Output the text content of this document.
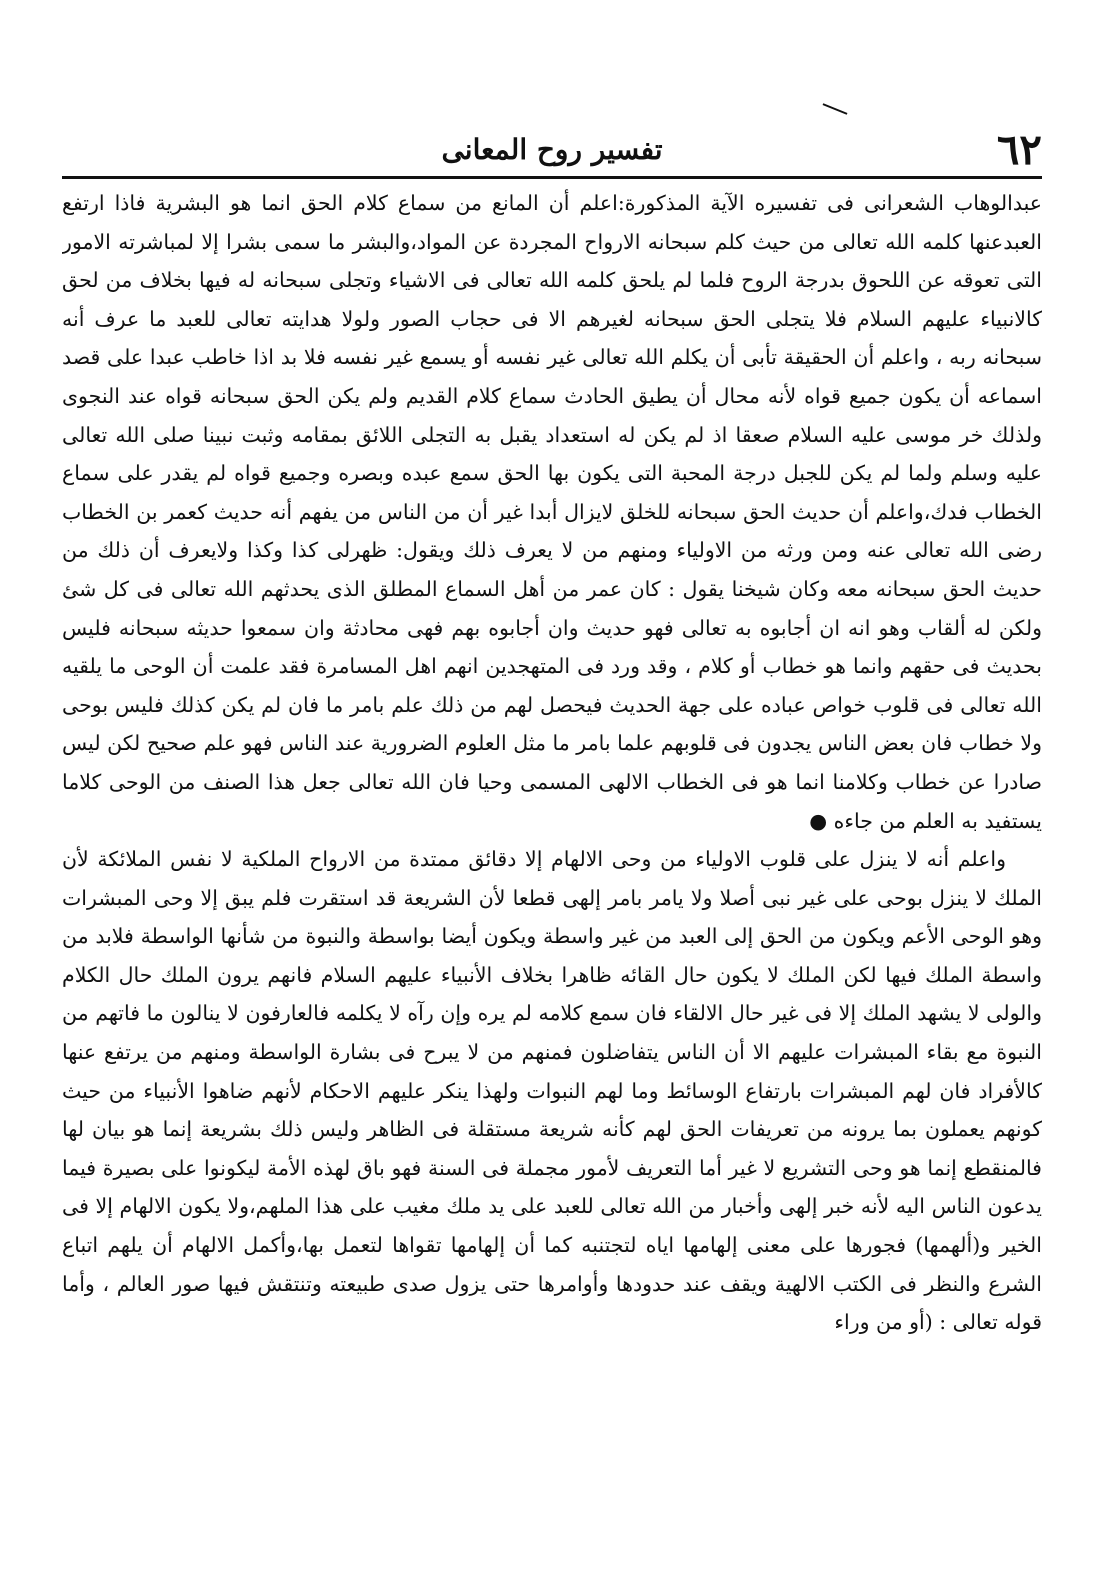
٦٢
تفسير روح المعانى

عبدالوهاب الشعرانى فى تفسيره الآية المذكورة:اعلم أن المانع من سماع كلام الحق انما هو البشرية فاذا ارتفع العبدعنها كلمه الله تعالى من حيث كلم سبحانه الارواح المجردة عن المواد،والبشر ما سمى بشرا إلا لمباشرته الامور التى تعوقه عن اللحوق بدرجة الروح فلما لم يلحق كلمه الله تعالى فى الاشياء وتجلى سبحانه له فيها بخلاف من لحق كالانبياء عليهم السلام فلا يتجلى الحق سبحانه لغيرهم الا فى حجاب الصور ولولا هدايته تعالى للعبد ما عرف أنه سبحانه ربه ، واعلم أن الحقيقة تأبى أن يكلم الله تعالى غير نفسه أو يسمع غير نفسه فلا بد اذا خاطب عبدا على قصد اسماعه أن يكون جميع قواه لأنه محال أن يطيق الحادث سماع كلام القديم ولم يكن الحق سبحانه قواه عند النجوى ولذلك خر موسى عليه السلام صعقا اذ لم يكن له استعداد يقبل به التجلى اللائق بمقامه وثبت نبينا صلى الله تعالى عليه وسلم ولما لم يكن للجبل درجة المحبة التى يكون بها الحق سمع عبده وبصره وجميع قواه لم يقدر على سماع الخطاب فدك،واعلم أن حديث الحق سبحانه للخلق لايزال أبدا غير أن من الناس من يفهم أنه حديث كعمر بن الخطاب رضى الله تعالى عنه ومن ورثه من الاولياء ومنهم من لا يعرف ذلك ويقول: ظهرلى كذا وكذا ولايعرف أن ذلك من حديث الحق سبحانه معه وكان شيخنا يقول : كان عمر من أهل السماع المطلق الذى يحدثهم الله تعالى فى كل شئ ولكن له ألقاب وهو انه ان أجابوه به تعالى فهو حديث وان أجابوه بهم فهى محادثة وان سمعوا حديثه سبحانه فليس بحديث فى حقهم وانما هو خطاب أو كلام ، وقد ورد فى المتهجدين انهم اهل المسامرة فقد علمت أن الوحى ما يلقيه الله تعالى فى قلوب خواص عباده على جهة الحديث فيحصل لهم من ذلك علم بامر ما فان لم يكن كذلك فليس بوحى ولا خطاب فان بعض الناس يجدون فى قلوبهم علما بامر ما مثل العلوم الضرورية عند الناس فهو علم صحيح لكن ليس صادرا عن خطاب وكلامنا انما هو فى الخطاب الالهى المسمى وحيا فان الله تعالى جعل هذا الصنف من الوحى كلاما يستفيد به العلم من جاءه ●

واعلم أنه لا ينزل على قلوب الاولياء من وحى الالهام إلا دقائق ممتدة من الارواح الملكية لا نفس الملائكة لأن الملك لا ينزل بوحى على غير نبى أصلا ولا يامر بامر إلهى قطعا لأن الشريعة قد استقرت فلم يبق إلا وحى المبشرات وهو الوحى الأعم ويكون من الحق إلى العبد من غير واسطة ويكون أيضا بواسطة والنبوة من شأنها الواسطة فلابد من واسطة الملك فيها لكن الملك لا يكون حال القائه ظاهرا بخلاف الأنبياء عليهم السلام فانهم يرون الملك حال الكلام والولى لا يشهد الملك إلا فى غير حال الالقاء فان سمع كلامه لم يره وإن رآه لا يكلمه فالعارفون لا ينالون ما فاتهم من النبوة مع بقاء المبشرات عليهم الا أن الناس يتفاضلون فمنهم من لا يبرح فى بشارة الواسطة ومنهم من يرتفع عنها كالأفراد فان لهم المبشرات بارتفاع الوسائط وما لهم النبوات ولهذا ينكر عليهم الاحكام لأنهم ضاهوا الأنبياء من حيث كونهم يعملون بما يرونه من تعريفات الحق لهم كأنه شريعة مستقلة فى الظاهر وليس ذلك بشريعة إنما هو بيان لها فالمنقطع إنما هو وحى التشريع لا غير أما التعريف لأمور مجملة فى السنة فهو باق لهذه الأمة ليكونوا على بصيرة فيما يدعون الناس اليه لأنه خبر إلهى وأخبار من الله تعالى للعبد على يد ملك مغيب على هذا الملهم،ولا يكون الالهام إلا فى الخير و(ألهمها) فجورها على معنى إلهامها اياه لتجتنبه كما أن إلهامها تقواها لتعمل بها،وأكمل الالهام أن يلهم اتباع الشرع والنظر فى الكتب الالهية ويقف عند حدودها وأوامرها حتى يزول صدى طبيعته وتنتقش فيها صور العالم ، وأما قوله تعالى : (أو من وراء
